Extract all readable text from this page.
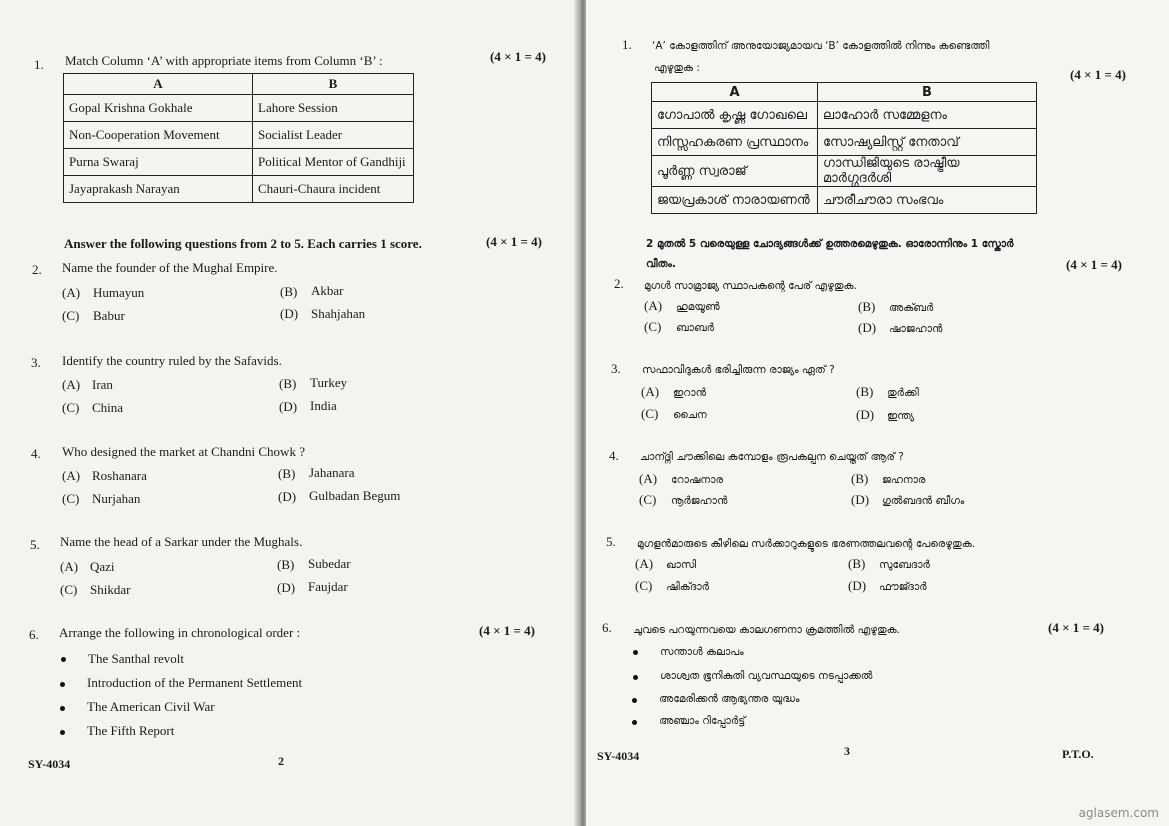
1. Match Column ‘A’ with appropriate items from Column ‘B’ :	(4 × 1 = 4)
A	B
Gopal Krishna Gokhale	Lahore Session
Non-Cooperation Movement	Socialist Leader
Purna Swaraj	Political Mentor of Gandhiji
Jayaprakash Narayan	Chauri-Chaura incident
Answer the following questions from 2 to 5. Each carries 1 score.	(4 × 1 = 4)
2. Name the founder of the Mughal Empire.
(A) Humayun	(B) Akbar
(C) Babur	(D) Shahjahan
3. Identify the country ruled by the Safavids.
(A) Iran	(B) Turkey
(C) China	(D) India
4. Who designed the market at Chandni Chowk ?
(A) Roshanara	(B) Jahanara
(C) Nurjahan	(D) Gulbadan Begum
5. Name the head of a Sarkar under the Mughals.
(A) Qazi	(B) Subedar
(C) Shikdar	(D) Faujdar
6. Arrange the following in chronological order :	(4 × 1 = 4)
The Santhal revolt
Introduction of the Permanent Settlement
The American Civil War
The Fifth Report
SY-4034	2
1. ‘A’ കോളത്തിന് അനുയോജ്യമായവ ‘B’ കോളത്തിൽ നിന്നും കണ്ടെത്തി
എഴുതുക :	(4 × 1 = 4)
A	B
ഗോപാൽ കൃഷ്ണ ഗോഖലെ	ലാഹോർ സമ്മേളനം
നിസ്സഹകരണ പ്രസ്ഥാനം	സോഷ്യലിസ്റ്റ് നേതാവ്
പൂർണ്ണ സ്വരാജ്	ഗാന്ധിജിയുടെ രാഷ്ട്രീയ മാർഗ്ഗദർശി
ജയപ്രകാശ് നാരായണൻ	ചൗരീചൗരാ സംഭവം
2 മുതൽ 5 വരെയുള്ള ചോദ്യങ്ങൾക്ക് ഉത്തരമെഴുതുക. ഓരോന്നിനും 1 സ്കോർ
വീതം.	(4 × 1 = 4)
2. മുഗൾ സാമ്രാജ്യ സ്ഥാപകന്റെ പേര് എഴുതുക.
(A) ഹുമയൂൺ	(B) അക്ബർ
(C) ബാബർ	(D) ഷാജഹാൻ
3. സഫാവിദുകൾ ഭരിച്ചിരുന്ന രാജ്യം ഏത് ?
(A) ഇറാൻ	(B) തുർക്കി
(C) ചൈന	(D) ഇന്ത്യ
4. ചാന്ദ്നി ചൗക്കിലെ കമ്പോളം രൂപകല്പന ചെയ്തത് ആര് ?
(A) റോഷനാര	(B) ജഹനാര
(C) നൂർജഹാൻ	(D) ഗുൽബദൻ ബീഗം
5. മുഗളൻമാരുടെ കീഴിലെ സർക്കാറുകളുടെ ഭരണത്തലവന്റെ പേരെഴുതുക.
(A) ഖാസി	(B) സുബേദാർ
(C) ഷിക്ദാർ	(D) ഫൗജ്ദാർ
6. ചുവടെ പറയുന്നവയെ കാലഗണനാ ക്രമത്തിൽ എഴുതുക.	(4 × 1 = 4)
സന്താൾ കലാപം
ശാശ്വത ഭൂനികുതി വ്യവസ്ഥയുടെ നടപ്പാക്കൽ
അമേരിക്കൻ ആഭ്യന്തര യുദ്ധം
അഞ്ചാം റിപ്പോർട്ട്
SY-4034	3	P.T.O.
aglasem.com
